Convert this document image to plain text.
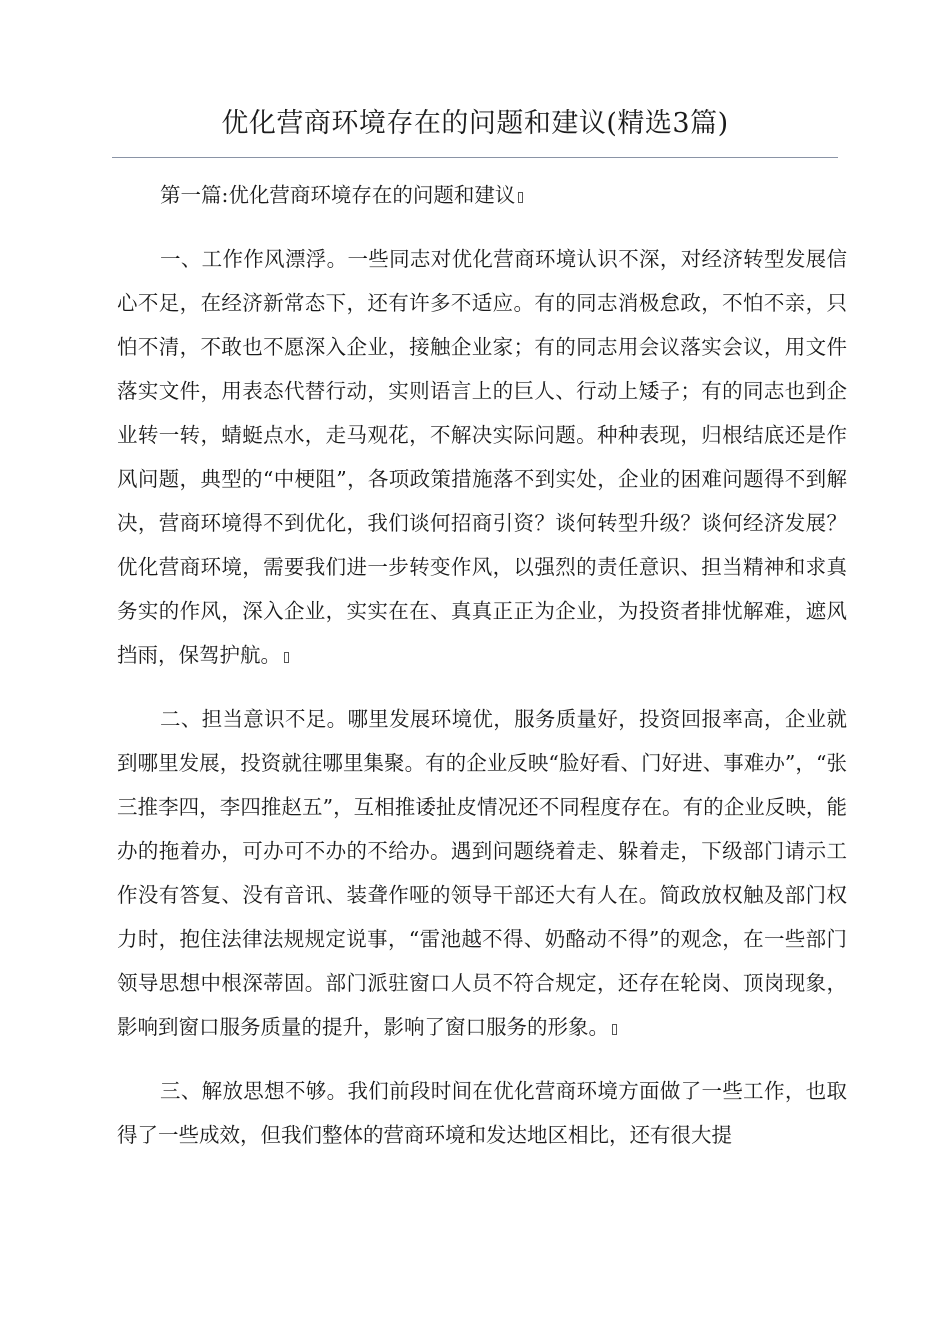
优化营商环境存在的问题和建议(精选3篇)

第一篇:优化营商环境存在的问题和建议

一、工作作风漂浮。一些同志对优化营商环境认识不深，对经济转型发展信心不足，在经济新常态下，还有许多不适应。有的同志消极怠政，不怕不亲，只怕不清，不敢也不愿深入企业，接触企业家；有的同志用会议落实会议，用文件落实文件，用表态代替行动，实则语言上的巨人、行动上矮子；有的同志也到企业转一转，蜻蜓点水，走马观花，不解决实际问题。种种表现，归根结底还是作风问题，典型的“中梗阻”，各项政策措施落不到实处，企业的困难问题得不到解决，营商环境得不到优化，我们谈何招商引资？谈何转型升级？谈何经济发展？优化营商环境，需要我们进一步转变作风，以强烈的责任意识、担当精神和求真务实的作风，深入企业，实实在在、真真正正为企业，为投资者排忧解难，遮风挡雨，保驾护航。

二、担当意识不足。哪里发展环境优，服务质量好，投资回报率高，企业就到哪里发展，投资就往哪里集聚。有的企业反映“脸好看、门好进、事难办”，“张三推李四，李四推赵五”，互相推诿扯皮情况还不同程度存在。有的企业反映，能办的拖着办，可办可不办的不给办。遇到问题绕着走、躲着走，下级部门请示工作没有答复、没有音讯、装聋作哑的领导干部还大有人在。简政放权触及部门权力时，抱住法律法规规定说事，“雷池越不得、奶酪动不得”的观念，在一些部门领导思想中根深蒂固。部门派驻窗口人员不符合规定，还存在轮岗、顶岗现象，影响到窗口服务质量的提升，影响了窗口服务的形象。

三、解放思想不够。我们前段时间在优化营商环境方面做了一些工作，也取得了一些成效，但我们整体的营商环境和发达地区相比，还有很大提
